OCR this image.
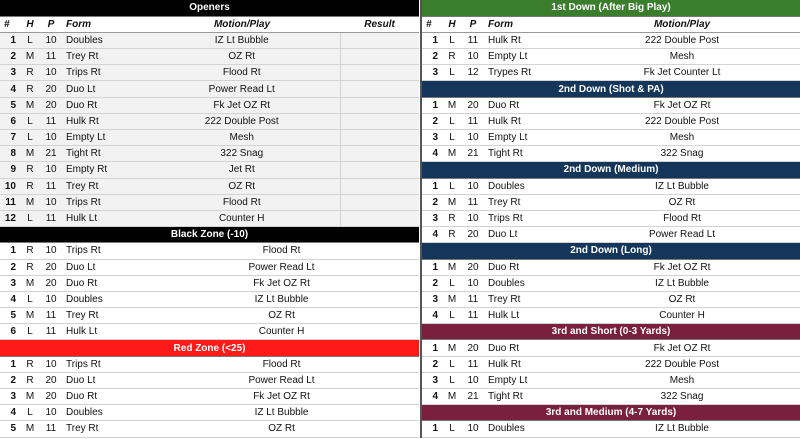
Openers					
#	H	P	Form	Motion/Play	Result
1	L	10	Doubles	IZ Lt Bubble	
2	M	11	Trey Rt	OZ Rt	
3	R	10	Trips Rt	Flood Rt	
4	R	20	Duo Lt	Power Read Lt	
5	M	20	Duo Rt	Fk Jet OZ Rt	
6	L	11	Hulk Rt	222 Double Post	
7	L	10	Empty Lt	Mesh	
8	M	21	Tight Rt	322 Snag	
9	R	10	Empty Rt	Jet Rt	
10	R	11	Trey Rt	OZ Rt	
11	M	10	Trips Rt	Flood Rt	
12	L	11	Hulk Lt	Counter H	
Black Zone (-10)					
1	R	10	Trips Rt	Flood Rt	
2	R	20	Duo Lt	Power Read Lt	
3	M	20	Duo Rt	Fk Jet OZ Rt	
4	L	10	Doubles	IZ Lt Bubble	
5	M	11	Trey Rt	OZ Rt	
6	L	11	Hulk Lt	Counter H	
Red Zone (<25)					
1	R	10	Trips Rt	Flood Rt	
2	R	20	Duo Lt	Power Read Lt	
3	M	20	Duo Rt	Fk Jet OZ Rt	
4	L	10	Doubles	IZ Lt Bubble	
5	M	11	Trey Rt	OZ Rt	
1st Down (After Big Play)				
#	H	P	Form	Motion/Play
1	L	11	Hulk Rt	222 Double Post
2	R	10	Empty Lt	Mesh
3	L	12	Trypes Rt	Fk Jet Counter Lt
2nd Down (Shot & PA)				
1	M	20	Duo Rt	Fk Jet OZ Rt
2	L	11	Hulk Rt	222 Double Post
3	L	10	Empty Lt	Mesh
4	M	21	Tight Rt	322 Snag
2nd Down (Medium)				
1	L	10	Doubles	IZ Lt Bubble
2	M	11	Trey Rt	OZ Rt
3	R	10	Trips Rt	Flood Rt
4	R	20	Duo Lt	Power Read Lt
2nd Down (Long)				
1	M	20	Duo Rt	Fk Jet OZ Rt
2	L	10	Doubles	IZ Lt Bubble
3	M	11	Trey Rt	OZ Rt
4	L	11	Hulk Lt	Counter H
3rd and Short (0-3 Yards)				
1	M	20	Duo Rt	Fk Jet OZ Rt
2	L	11	Hulk Rt	222 Double Post
3	L	10	Empty Lt	Mesh
4	M	21	Tight Rt	322 Snag
3rd and Medium (4-7 Yards)				
1	L	10	Doubles	IZ Lt Bubble
